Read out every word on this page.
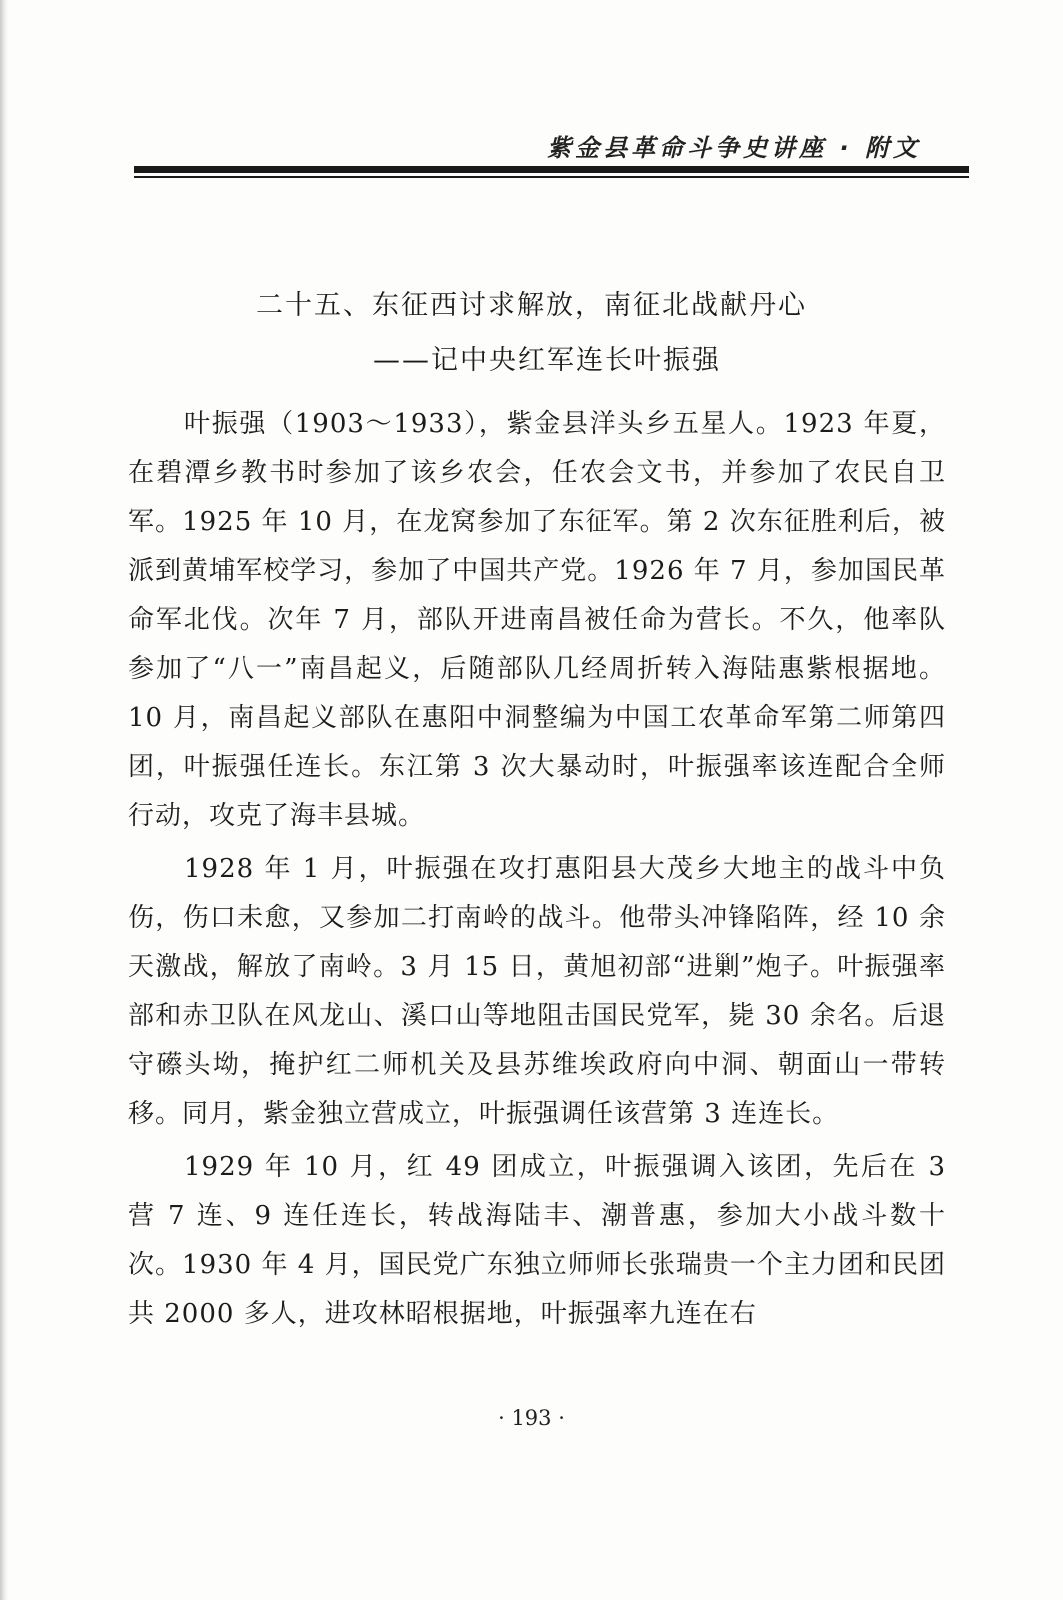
紫金县革命斗争史讲座 · 附文
二十五、东征西讨求解放，南征北战献丹心
——记中央红军连长叶振强

叶振强（1903～1933），紫金县洋头乡五星人。1923 年夏，在碧潭乡教书时参加了该乡农会，任农会文书，并参加了农民自卫军。1925 年 10 月，在龙窝参加了东征军。第 2 次东征胜利后，被派到黄埔军校学习，参加了中国共产党。1926 年 7 月，参加国民革命军北伐。次年 7 月，部队开进南昌被任命为营长。不久，他率队参加了“八一”南昌起义，后随部队几经周折转入海陆惠紫根据地。10 月，南昌起义部队在惠阳中洞整编为中国工农革命军第二师第四团，叶振强任连长。东江第 3 次大暴动时，叶振强率该连配合全师行动，攻克了海丰县城。

1928 年 1 月，叶振强在攻打惠阳县大茂乡大地主的战斗中负伤，伤口未愈，又参加二打南岭的战斗。他带头冲锋陷阵，经 10 余天激战，解放了南岭。3 月 15 日，黄旭初部“进剿”炮子。叶振强率部和赤卫队在风龙山、溪口山等地阻击国民党军，毙 30 余名。后退守礤头坳，掩护红二师机关及县苏维埃政府向中洞、朝面山一带转移。同月，紫金独立营成立，叶振强调任该营第 3 连连长。

1929 年 10 月，红 49 团成立，叶振强调入该团，先后在 3 营 7 连、9 连任连长，转战海陆丰、潮普惠，参加大小战斗数十次。1930 年 4 月，国民党广东独立师师长张瑞贵一个主力团和民团共 2000 多人，进攻林昭根据地，叶振强率九连在右

· 193 ·
